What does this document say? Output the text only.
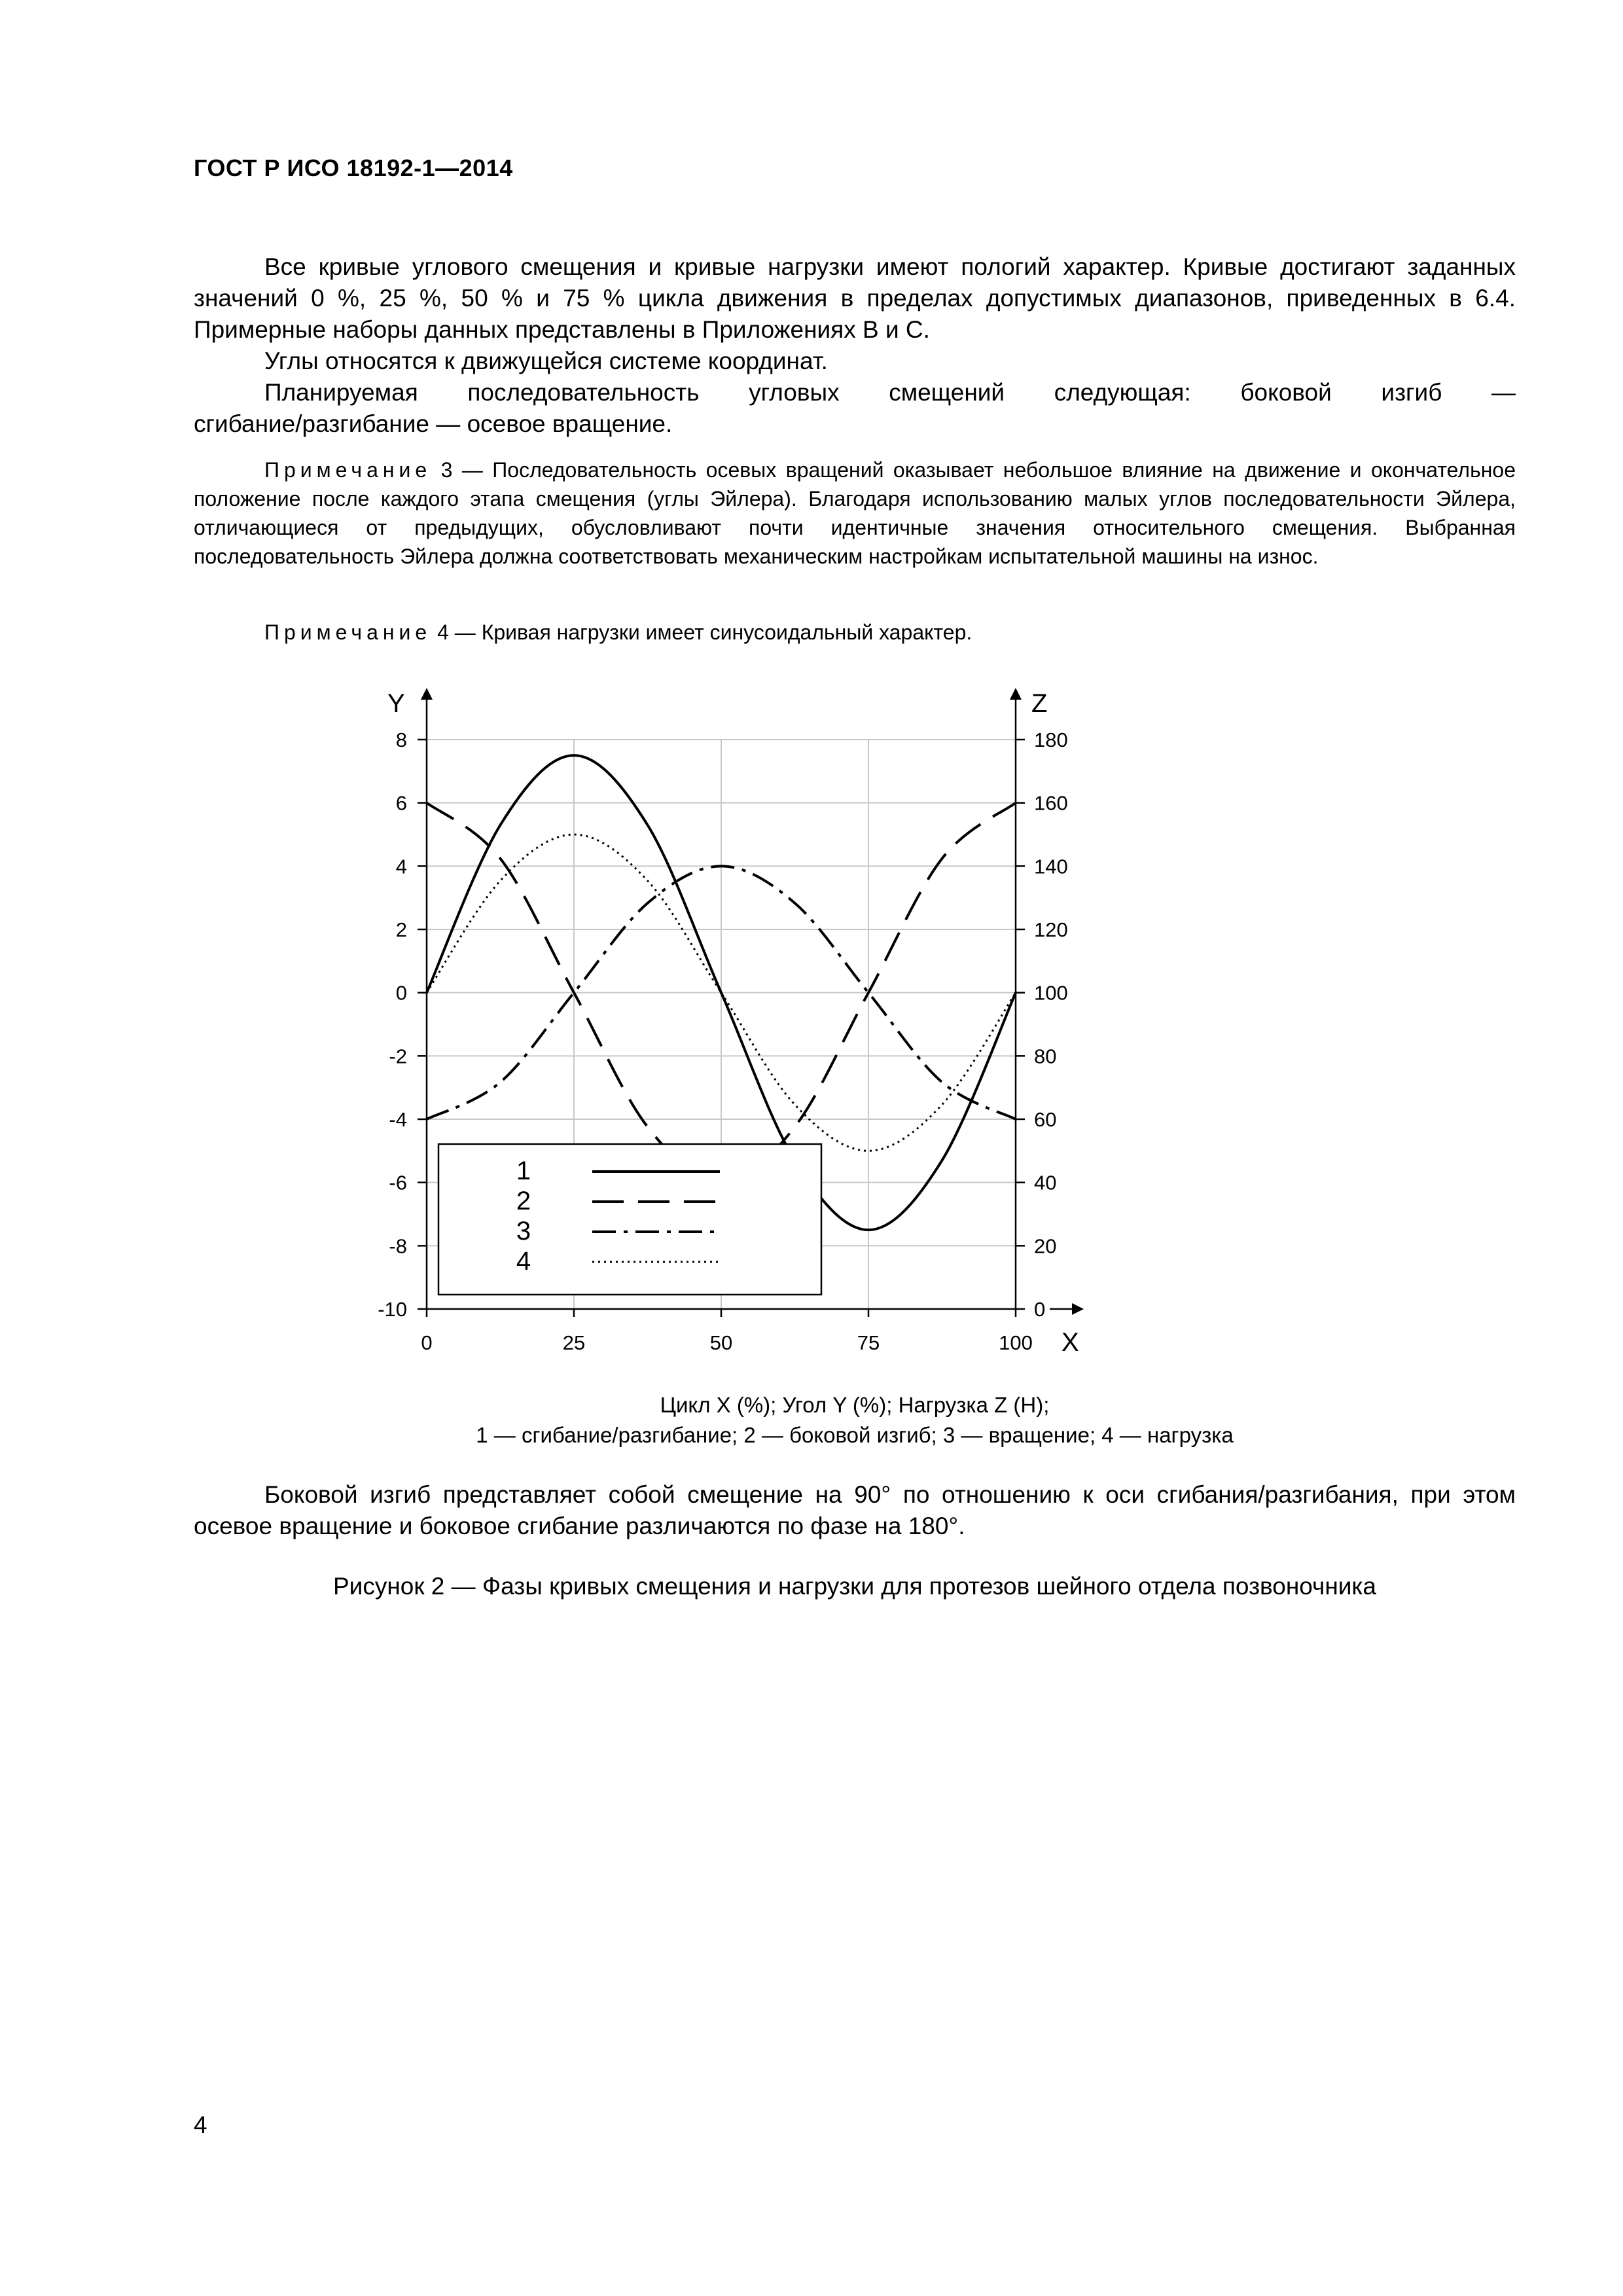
ГОСТ Р ИСО 18192-1—2014
Все кривые углового смещения и кривые нагрузки имеют пологий характер. Кривые достигают заданных значений 0 %, 25 %, 50 % и 75 % цикла движения в пределах допустимых диапазонов, приведенных в 6.4. Примерные наборы данных представлены в Приложениях B и C.
Углы относятся к движущейся системе координат.
Планируемая последовательность угловых смещений следующая: боковой изгиб —
сгибание/разгибание — осевое вращение.
Примечание 3 — Последовательность осевых вращений оказывает небольшое влияние на движение и окончательное положение после каждого этапа смещения (углы Эйлера). Благодаря использованию малых углов последовательности Эйлера, отличающиеся от предыдущих, обусловливают почти идентичные значения относительного смещения. Выбранная последовательность Эйлера должна соответствовать механическим настройкам испытательной машины на износ.
Примечание 4 — Кривая нагрузки имеет синусоидальный характер.
8
6
4
2
0
-2
-4
-6
-8
-10
180
160
140
120
100
80
60
40
20
0
0	25	50	75	100
Y	Z
X
1
2
3
4
Цикл X (%); Угол Y (%); Нагрузка Z (Н);
1 — сгибание/разгибание; 2 — боковой изгиб; 3 — вращение; 4 — нагрузка
Боковой изгиб представляет собой смещение на 90° по отношению к оси сгибания/разгибания, при этом осевое вращение и боковое сгибание различаются по фазе на 180°.
Рисунок 2 — Фазы кривых смещения и нагрузки для протезов шейного отдела позвоночника
4
